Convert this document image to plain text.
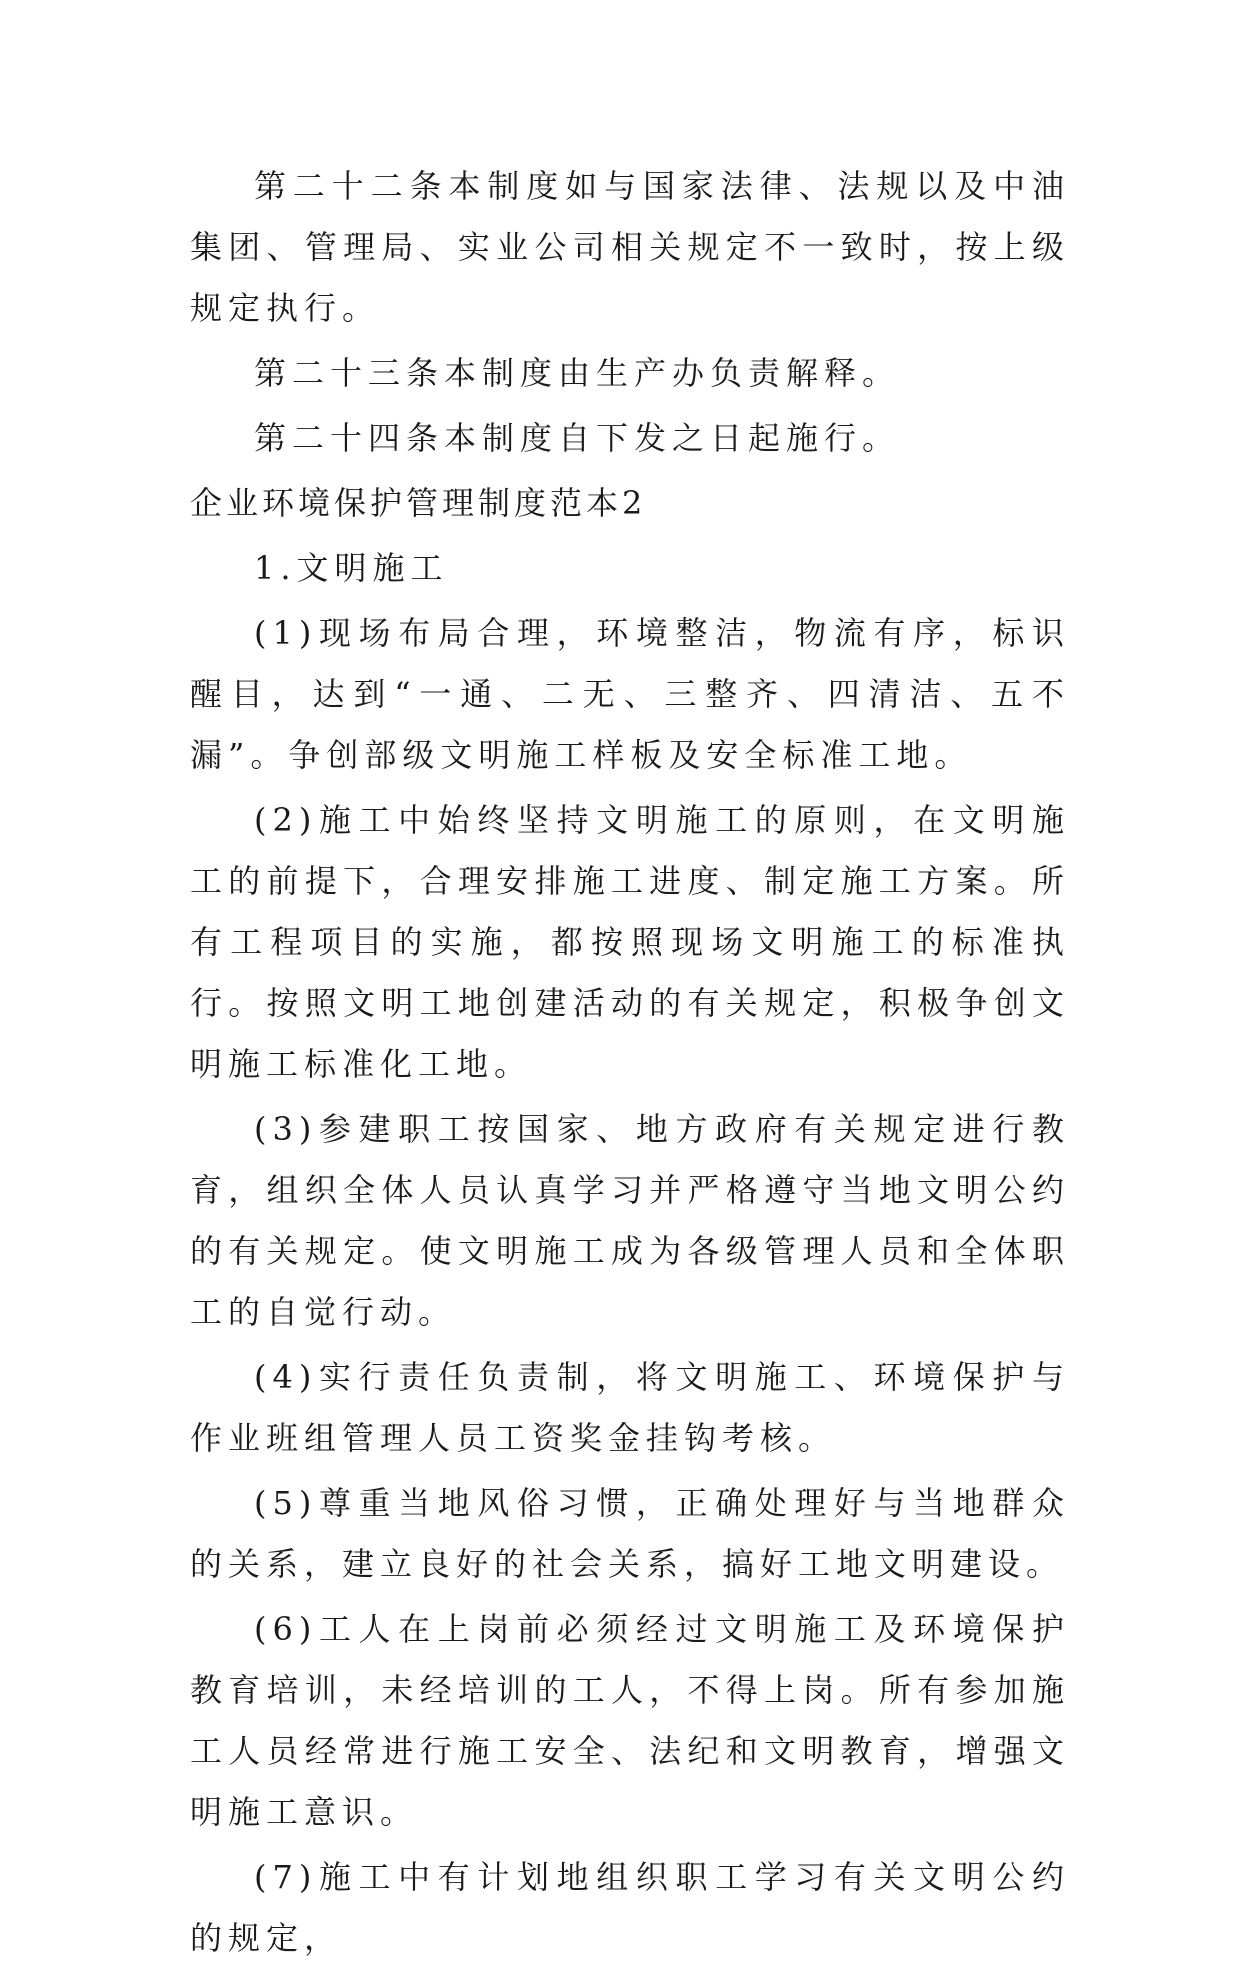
第二十二条本制度如与国家法律、法规以及中油集团、管理局、实业公司相关规定不一致时，按上级规定执行。

第二十三条本制度由生产办负责解释。

第二十四条本制度自下发之日起施行。

企业环境保护管理制度范本2

1.文明施工

(1)现场布局合理，环境整洁，物流有序，标识醒目，达到“一通、二无、三整齐、四清洁、五不漏”。争创部级文明施工样板及安全标准工地。

(2)施工中始终坚持文明施工的原则，在文明施工的前提下，合理安排施工进度、制定施工方案。所有工程项目的实施，都按照现场文明施工的标准执行。按照文明工地创建活动的有关规定，积极争创文明施工标准化工地。

(3)参建职工按国家、地方政府有关规定进行教育，组织全体人员认真学习并严格遵守当地文明公约的有关规定。使文明施工成为各级管理人员和全体职工的自觉行动。

(4)实行责任负责制，将文明施工、环境保护与作业班组管理人员工资奖金挂钩考核。

(5)尊重当地风俗习惯，正确处理好与当地群众的关系，建立良好的社会关系，搞好工地文明建设。

(6)工人在上岗前必须经过文明施工及环境保护教育培训，未经培训的工人，不得上岗。所有参加施工人员经常进行施工安全、法纪和文明教育，增强文明施工意识。

(7)施工中有计划地组织职工学习有关文明公约的规定，
